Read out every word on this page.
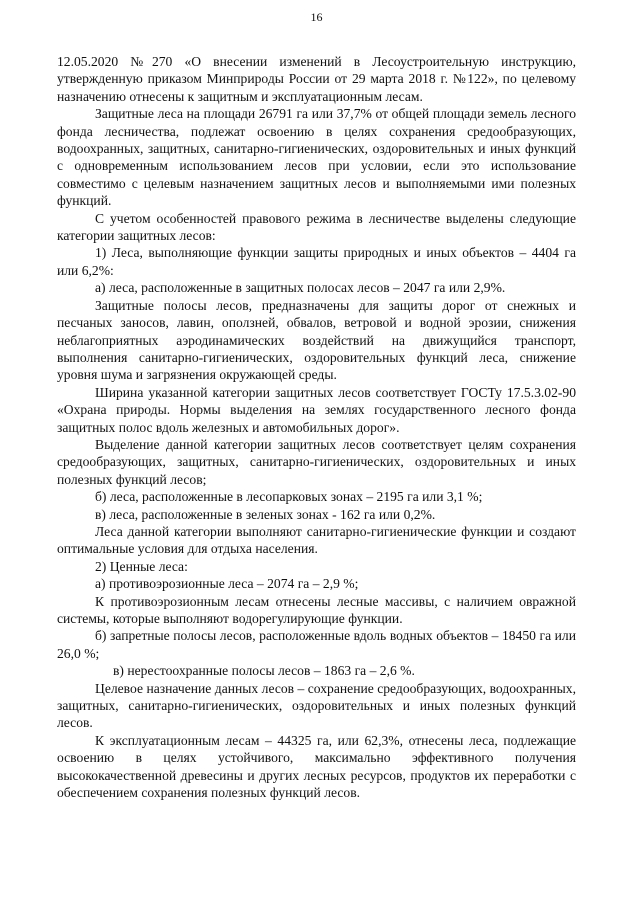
16

12.05.2020 №270 «О внесении изменений в Лесоустроительную инструкцию, утвержденную приказом Минприроды России от 29 марта 2018 г. №122», по целевому назначению отнесены к защитным и эксплуатационным лесам.

Защитные леса на площади 26791 га или 37,7% от общей площади земель лесного фонда лесничества, подлежат освоению в целях сохранения средообразующих, водоохранных, защитных, санитарно-гигиенических, оздоровительных и иных функций с одновременным использованием лесов при условии, если это использование совместимо с целевым назначением защитных лесов и выполняемыми ими полезных функций.

С учетом особенностей правового режима в лесничестве выделены следующие категории защитных лесов:

1) Леса, выполняющие функции защиты природных и иных объектов – 4404 га или 6,2%:

а) леса, расположенные в защитных полосах лесов – 2047 га или 2,9%.

Защитные полосы лесов, предназначены для защиты дорог от снежных и песчаных заносов, лавин, оползней, обвалов, ветровой и водной эрозии, снижения неблагоприятных аэродинамических воздействий на движущийся транспорт, выполнения санитарно-гигиенических, оздоровительных функций леса, снижение уровня шума и загрязнения окружающей среды.

Ширина указанной категории защитных лесов соответствует ГОСТу 17.5.3.02-90 «Охрана природы. Нормы выделения на землях государственного лесного фонда защитных полос вдоль железных и автомобильных дорог».

Выделение данной категории защитных лесов соответствует целям сохранения средообразующих, защитных, санитарно-гигиенических, оздоровительных и иных полезных функций лесов;

б) леса, расположенные в лесопарковых зонах – 2195 га или 3,1 %;

в) леса, расположенные в зеленых зонах - 162 га или 0,2%.

Леса данной категории выполняют санитарно-гигиенические функции и создают оптимальные условия для отдыха населения.

2) Ценные леса:

а) противоэрозионные леса – 2074 га – 2,9 %;

К противоэрозионным лесам отнесены лесные массивы, с наличием овражной системы, которые выполняют водорегулирующие функции.

б) запретные полосы лесов, расположенные вдоль водных объектов – 18450 га или 26,0 %;

в) нерестоохранные полосы лесов – 1863 га – 2,6 %.

Целевое назначение данных лесов – сохранение средообразующих, водоохранных, защитных, санитарно-гигиенических, оздоровительных и иных полезных функций лесов.

К эксплуатационным лесам – 44325 га, или 62,3%, отнесены леса, подлежащие освоению в целях устойчивого, максимально эффективного получения высококачественной древесины и других лесных ресурсов, продуктов их переработки с обеспечением сохранения полезных функций лесов.
